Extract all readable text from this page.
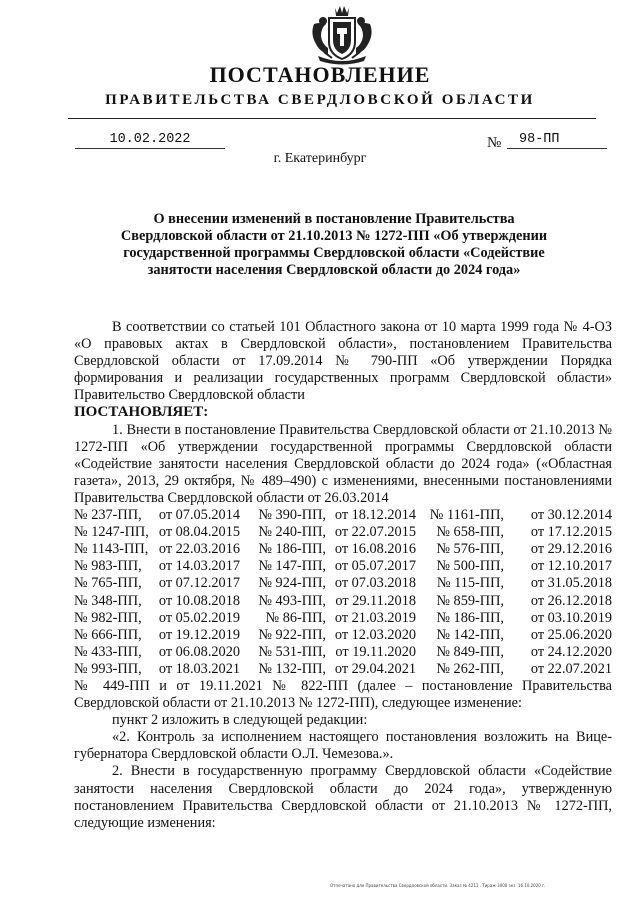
ПОСТАНОВЛЕНИЕ
ПРАВИТЕЛЬСТВА СВЕРДЛОВСКОЙ ОБЛАСТИ
10.02.2022	№	98-ПП
г. Екатеринбург
О внесении изменений в постановление Правительства
Свердловской области от 21.10.2013 № 1272-ПП «Об утверждении
государственной программы Свердловской области «Содействие
занятости населения Свердловской области до 2024 года»

В соответствии со статьей 101 Областного закона от 10 марта 1999 года № 4-ОЗ «О правовых актах в Свердловской области», постановлением Правительства Свердловской области от 17.09.2014 № 790-ПП «Об утверждении Порядка формирования и реализации государственных программ Свердловской области» Правительство Свердловской области

ПОСТАНОВЛЯЕТ:

1. Внести в постановление Правительства Свердловской области от 21.10.2013 № 1272-ПП «Об утверждении государственной программы Свердловской области «Содействие занятости населения Свердловской области до 2024 года» («Областная газета», 2013, 29 октября, № 489–490) с изменениями, внесенными постановлениями Правительства Свердловской области от 26.03.2014

№ 237-ПП,	от 07.05.2014	№ 390-ПП, от 18.12.2014 № 1161-ПП,	от 30.12.2014
№ 1247-ПП, от 08.04.2015	№ 240-ПП, от 22.07.2015	№ 658-ПП,	от 17.12.2015
№ 1143-ПП, от 22.03.2016	№ 186-ПП, от 16.08.2016	№ 576-ПП,	от 29.12.2016
№ 983-ПП,	от 14.03.2017	№ 147-ПП, от 05.07.2017	№ 500-ПП,	от 12.10.2017
№ 765-ПП,	от 07.12.2017	№ 924-ПП, от 07.03.2018	№ 115-ПП,	от 31.05.2018
№ 348-ПП,	от 10.08.2018	№ 493-ПП, от 29.11.2018	№ 859-ПП,	от 26.12.2018
№ 982-ПП,	от 05.02.2019	№ 86-ПП, от 21.03.2019	№ 186-ПП,	от 03.10.2019
№ 666-ПП,	от 19.12.2019	№ 922-ПП, от 12.03.2020	№ 142-ПП,	от 25.06.2020
№ 433-ПП,	от 06.08.2020	№ 531-ПП, от 19.11.2020	№ 849-ПП,	от 24.12.2020
№ 993-ПП,	от 18.03.2021	№ 132-ПП, от 29.04.2021	№ 262-ПП,	от 22.07.2021

№ 449-ПП и от 19.11.2021 № 822-ПП (далее – постановление Правительства Свердловской области от 21.10.2013 № 1272-ПП), следующее изменение:

пункт 2 изложить в следующей редакции:

«2. Контроль за исполнением настоящего постановления возложить на Вице-губернатора Свердловской области О.Л. Чемезова.».

2. Внести в государственную программу Свердловской области «Содействие занятости населения Свердловской области до 2024 года», утвержденную постановлением Правительства Свердловской области от 21.10.2013 № 1272-ПП, следующие изменения:

Отпечатано для Правительства Свердловской области. Заказ № 4211 . Тираж 3000 экз. 16.10.2020 г.
